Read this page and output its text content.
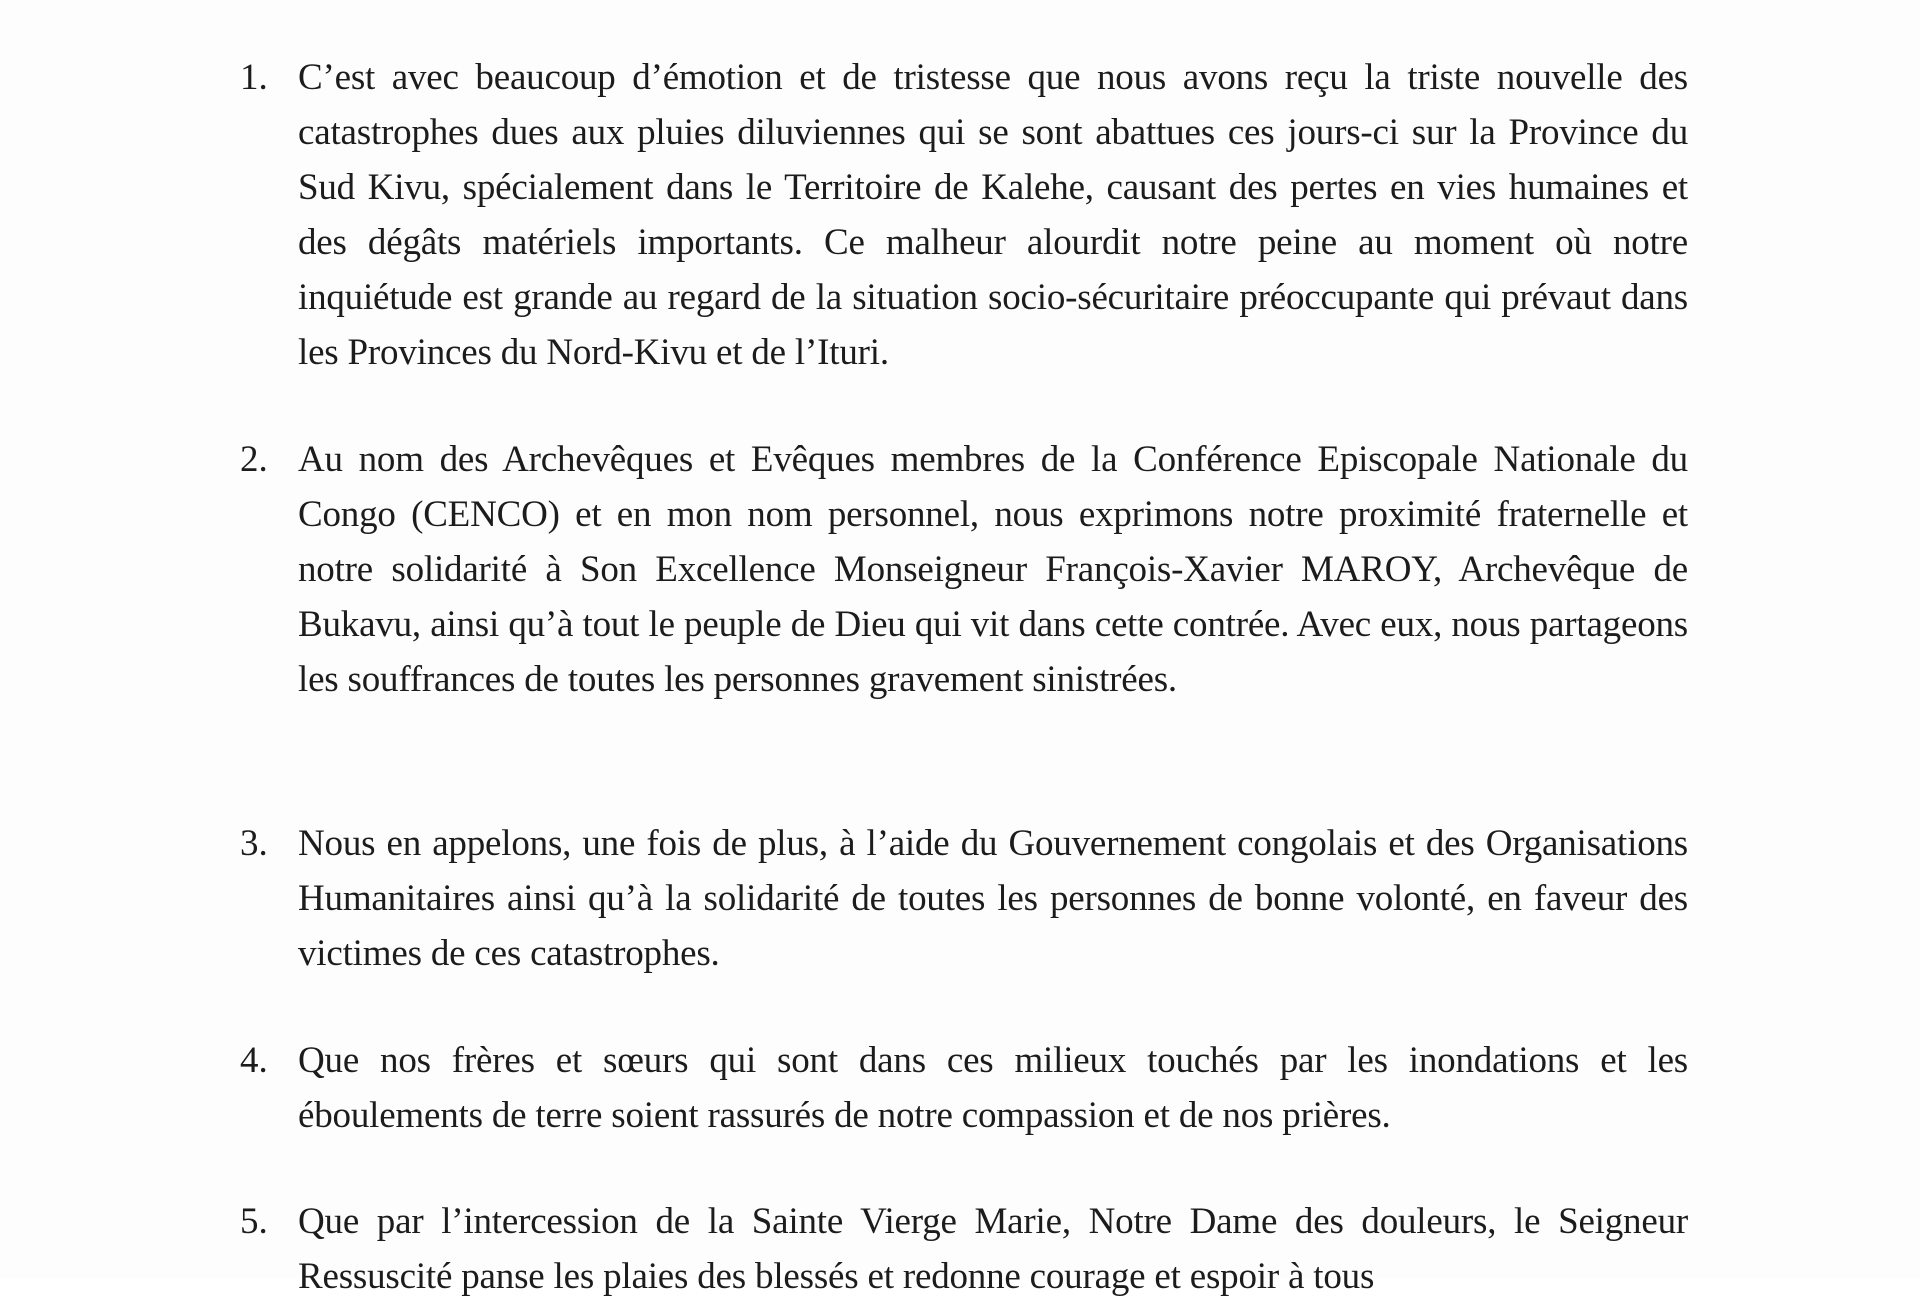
1. C’est avec beaucoup d’émotion et de tristesse que nous avons reçu la triste nouvelle des catastrophes dues aux pluies diluviennes qui se sont abattues ces jours-ci sur la Province du Sud Kivu, spécialement dans le Territoire de Kalehe, causant des pertes en vies humaines et des dégâts matériels importants. Ce malheur alourdit notre peine au moment où notre inquiétude est grande au regard de la situation socio-sécuritaire préoccupante qui prévaut dans les Provinces du Nord-Kivu et de l’Ituri.
2. Au nom des Archevêques et Evêques membres de la Conférence Episcopale Nationale du Congo (CENCO) et en mon nom personnel, nous exprimons notre proximité fraternelle et notre solidarité à Son Excellence Monseigneur François-Xavier MAROY, Archevêque de Bukavu, ainsi qu’à tout le peuple de Dieu qui vit dans cette contrée. Avec eux, nous partageons les souffrances de toutes les personnes gravement sinistrées.
3. Nous en appelons, une fois de plus, à l’aide du Gouvernement congolais et des Organisations Humanitaires ainsi qu’à la solidarité de toutes les personnes de bonne volonté, en faveur des victimes de ces catastrophes.
4. Que nos frères et sœurs qui sont dans ces milieux touchés par les inondations et les éboulements de terre soient rassurés de notre compassion et de nos prières.
5. Que par l’intercession de la Sainte Vierge Marie, Notre Dame des douleurs, le Seigneur Ressuscité panse les plaies des blessés et redonne courage et espoir à tous
